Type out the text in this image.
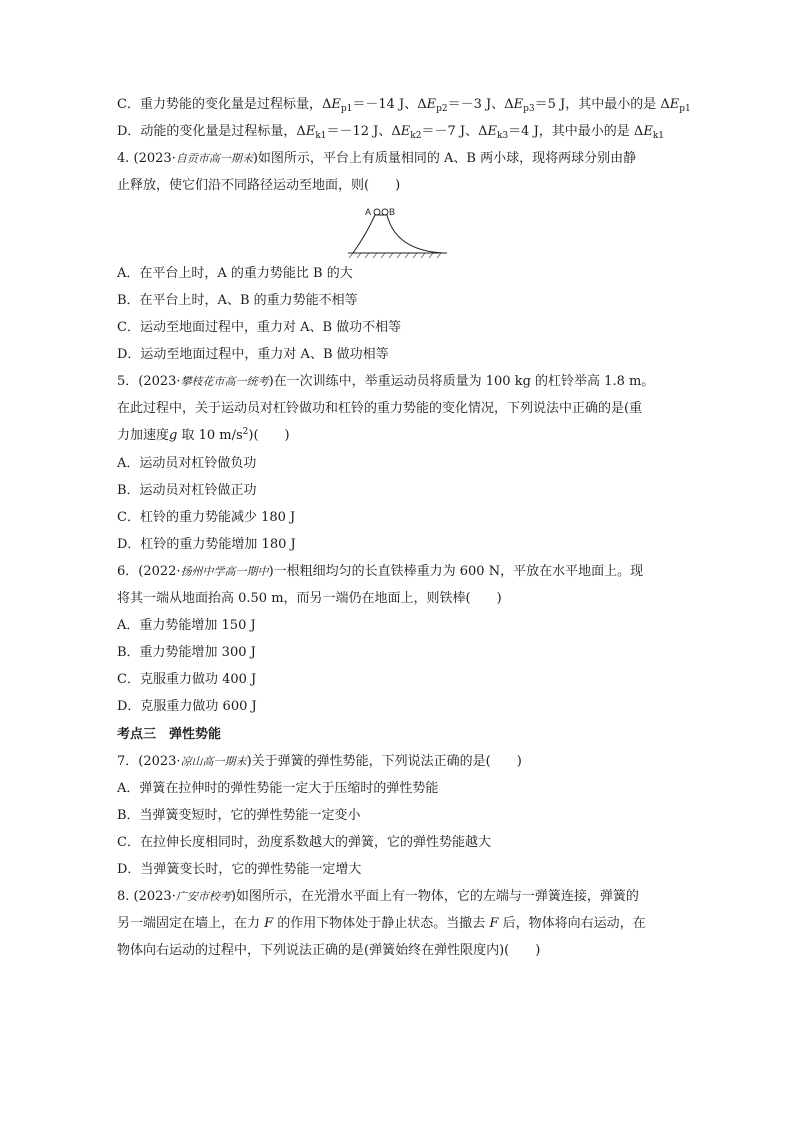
C．重力势能的变化量是过程标量，$\Delta E_{p1}=-14$ J、$\Delta E_{p2}=-3$ J、$\Delta E_{p3}=5$ J，其中最小的是 $\Delta E_{p1}$
D．动能的变化量是过程标量，$\Delta E_{k1}=-12$ J、$\Delta E_{k2}=-7$ J、$\Delta E_{k3}=4$ J，其中最小的是 $\Delta E_{k1}$
4. (2023·自贡市高一期末)如图所示，平台上有质量相同的 A、B 两小球，现将两球分别由静
止释放，使它们沿不同路径运动至地面，则(　　)
A B
A．在平台上时，A 的重力势能比 B 的大
B．在平台上时，A、B 的重力势能不相等
C．运动至地面过程中，重力对 A、B 做功不相等
D．运动至地面过程中，重力对 A、B 做功相等
5．(2023·攀枝花市高一统考)在一次训练中，举重运动员将质量为 100 kg 的杠铃举高 1.8 m。
在此过程中，关于运动员对杠铃做功和杠铃的重力势能的变化情况，下列说法中正确的是(重
力加速度g 取 10 $m/s^2$)(　　)
A．运动员对杠铃做负功
B．运动员对杠铃做正功
C．杠铃的重力势能减少 180 J
D．杠铃的重力势能增加 180 J
6．(2022·扬州中学高一期中)一根粗细均匀的长直铁棒重力为 600 N，平放在水平地面上。现
将其一端从地面抬高 0.50 m，而另一端仍在地面上，则铁棒(　　)
A．重力势能增加 150 J
B．重力势能增加 300 J
C．克服重力做功 400 J
D．克服重力做功 600 J
考点三　弹性势能
7．(2023·凉山高一期末)关于弹簧的弹性势能，下列说法正确的是(　　)
A．弹簧在拉伸时的弹性势能一定大于压缩时的弹性势能
B．当弹簧变短时，它的弹性势能一定变小
C．在拉伸长度相同时，劲度系数越大的弹簧，它的弹性势能越大
D．当弹簧变长时，它的弹性势能一定增大
8. (2023·广安市校考)如图所示，在光滑水平面上有一物体，它的左端与一弹簧连接，弹簧的
另一端固定在墙上，在力 F 的作用下物体处于静止状态。当撤去 F 后，物体将向右运动，在
物体向右运动的过程中，下列说法正确的是(弹簧始终在弹性限度内)(　　)
